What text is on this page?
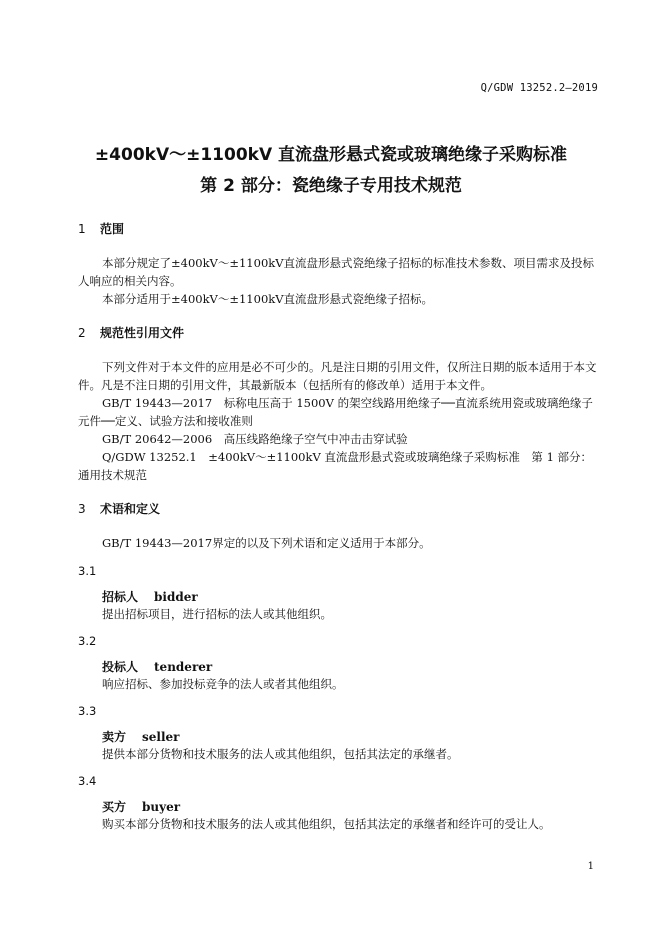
Q/GDW 13252.2—2019
±400kV～±1100kV 直流盘形悬式瓷或玻璃绝缘子采购标准
第 2 部分：瓷绝缘子专用技术规范
1 范围
本部分规定了±400kV～±1100kV直流盘形悬式瓷绝缘子招标的标准技术参数、项目需求及投标人响应的相关内容。
本部分适用于±400kV～±1100kV直流盘形悬式瓷绝缘子招标。
2 规范性引用文件
下列文件对于本文件的应用是必不可少的。凡是注日期的引用文件，仅所注日期的版本适用于本文件。凡是不注日期的引用文件，其最新版本（包括所有的修改单）适用于本文件。
GB/T 19443—2017　标称电压高于 1500V 的架空线路用绝缘子──直流系统用瓷或玻璃绝缘子元件──定义、试验方法和接收准则
GB/T 20642—2006　高压线路绝缘子空气中冲击击穿试验
Q/GDW 13252.1　±400kV～±1100kV 直流盘形悬式瓷或玻璃绝缘子采购标准　第 1 部分：通用技术规范
3 术语和定义
GB/T 19443—2017界定的以及下列术语和定义适用于本部分。
3.1
招标人 bidder
提出招标项目，进行招标的法人或其他组织。
3.2
投标人 tenderer
响应招标、参加投标竞争的法人或者其他组织。
3.3
卖方 seller
提供本部分货物和技术服务的法人或其他组织，包括其法定的承继者。
3.4
买方 buyer
购买本部分货物和技术服务的法人或其他组织，包括其法定的承继者和经许可的受让人。
1
